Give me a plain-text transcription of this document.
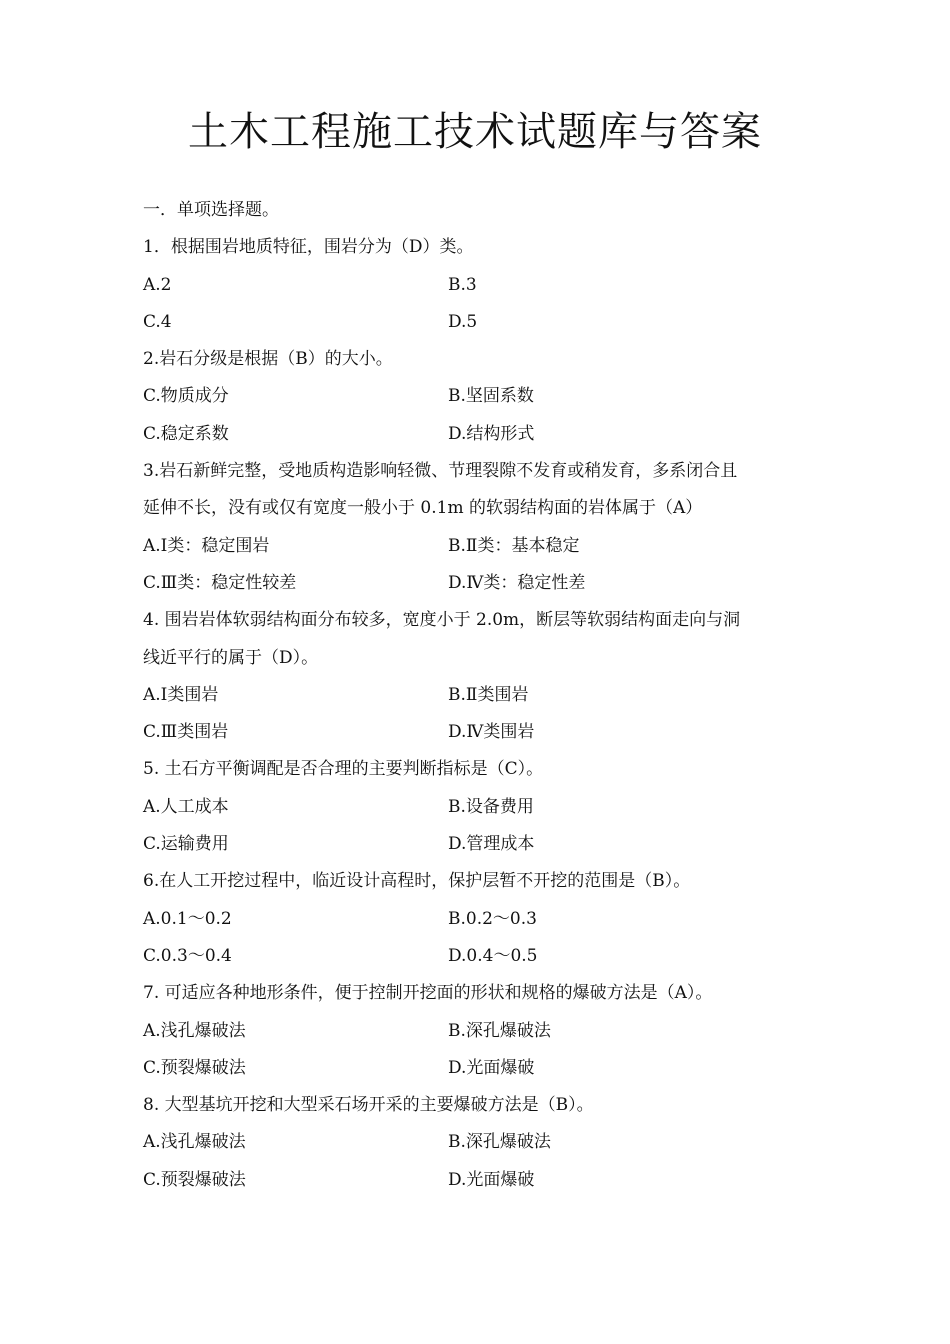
土木工程施工技术试题库与答案
一．单项选择题。
1．根据围岩地质特征，围岩分为（D）类。
A.2	B.3
C.4	D.5
2.岩石分级是根据（B）的大小。
C.物质成分	B.坚固系数
C.稳定系数	D.结构形式
3.岩石新鲜完整，受地质构造影响轻微、节理裂隙不发育或稍发育，多系闭合且
延伸不长，没有或仅有宽度一般小于 0.1m 的软弱结构面的岩体属于（A）
A.Ⅰ类：稳定围岩	B.Ⅱ类：基本稳定
C.Ⅲ类：稳定性较差	D.Ⅳ类：稳定性差
4. 围岩岩体软弱结构面分布较多，宽度小于 2.0m，断层等软弱结构面走向与洞
线近平行的属于（D）。
A.Ⅰ类围岩	B.Ⅱ类围岩
C.Ⅲ类围岩	D.Ⅳ类围岩
5. 土石方平衡调配是否合理的主要判断指标是（C）。
A.人工成本	B.设备费用
C.运输费用	D.管理成本
6.在人工开挖过程中，临近设计高程时，保护层暂不开挖的范围是（B）。
A.0.1～0.2	B.0.2～0.3
C.0.3～0.4	D.0.4～0.5
7. 可适应各种地形条件，便于控制开挖面的形状和规格的爆破方法是（A）。
A.浅孔爆破法	B.深孔爆破法
C.预裂爆破法	D.光面爆破
8. 大型基坑开挖和大型采石场开采的主要爆破方法是（B）。
A.浅孔爆破法	B.深孔爆破法
C.预裂爆破法	D.光面爆破
